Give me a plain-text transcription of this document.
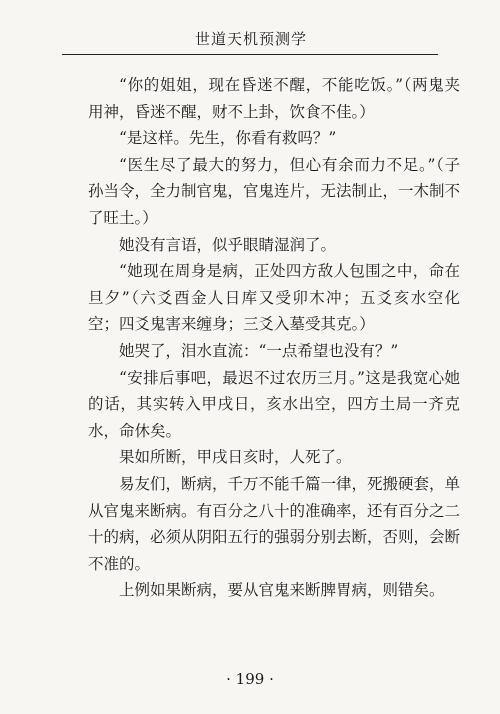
世道天机预测学

“你的姐姐，现在昏迷不醒，不能吃饭。”（两鬼夹用神，昏迷不醒，财不上卦，饮食不佳。）

“是这样。先生，你看有救吗？”

“医生尽了最大的努力，但心有余而力不足。”（子孙当令，全力制官鬼，官鬼连片，无法制止，一木制不了旺土。）

她没有言语，似乎眼睛湿润了。

“她现在周身是病，正处四方敌人包围之中，命在旦夕”（六爻酉金人日库又受卯木冲；五爻亥水空化空；四爻鬼害来缠身；三爻入墓受其克。）

她哭了，泪水直流：“一点希望也没有？”

“安排后事吧，最迟不过农历三月。”这是我宽心她的话，其实转入甲戌日，亥水出空，四方土局一齐克水，命休矣。

果如所断，甲戌日亥时，人死了。

易友们，断病，千万不能千篇一律，死搬硬套，单从官鬼来断病。有百分之八十的准确率，还有百分之二十的病，必须从阴阳五行的强弱分别去断，否则，会断不准的。

上例如果断病，要从官鬼来断脾胃病，则错矣。

· 199 ·
